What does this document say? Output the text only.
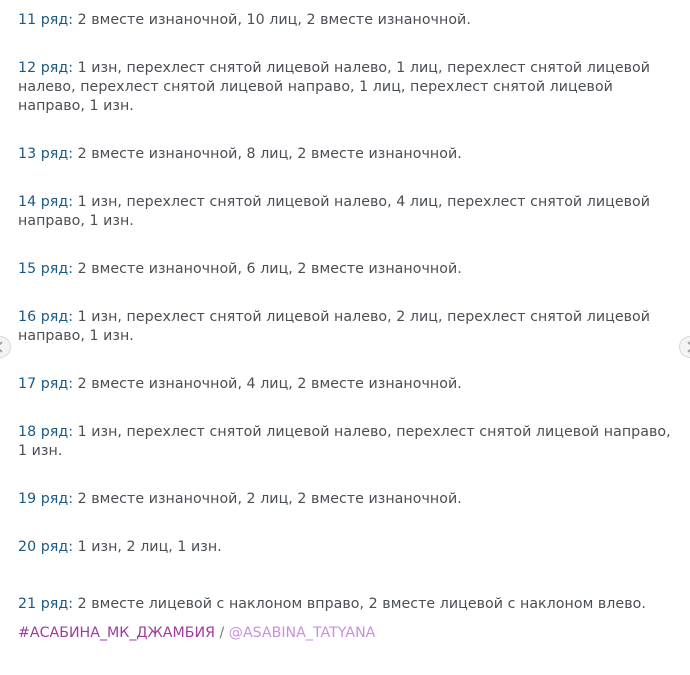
11 ряд: 2 вместе изнаночной, 10 лиц, 2 вместе изнаночной.

12 ряд: 1 изн, перехлест снятой лицевой налево, 1 лиц, перехлест снятой лицевой налево, перехлест снятой лицевой направо, 1 лиц, перехлест снятой лицевой направо, 1 изн.

13 ряд: 2 вместе изнаночной, 8 лиц, 2 вместе изнаночной.

14 ряд: 1 изн, перехлест снятой лицевой налево, 4 лиц, перехлест снятой лицевой направо, 1 изн.

15 ряд: 2 вместе изнаночной, 6 лиц, 2 вместе изнаночной.

16 ряд: 1 изн, перехлест снятой лицевой налево, 2 лиц, перехлест снятой лицевой направо, 1 изн.

17 ряд: 2 вместе изнаночной, 4 лиц, 2 вместе изнаночной.

18 ряд: 1 изн, перехлест снятой лицевой налево, перехлест снятой лицевой направо, 1 изн.

19 ряд: 2 вместе изнаночной, 2 лиц, 2 вместе изнаночной.

20 ряд: 1 изн, 2 лиц, 1 изн.

21 ряд: 2 вместе лицевой с наклоном вправо, 2 вместе лицевой с наклоном влево.

#АСАБИНА_МК_ДЖАМБИЯ / @ASABINA_TATYANA
